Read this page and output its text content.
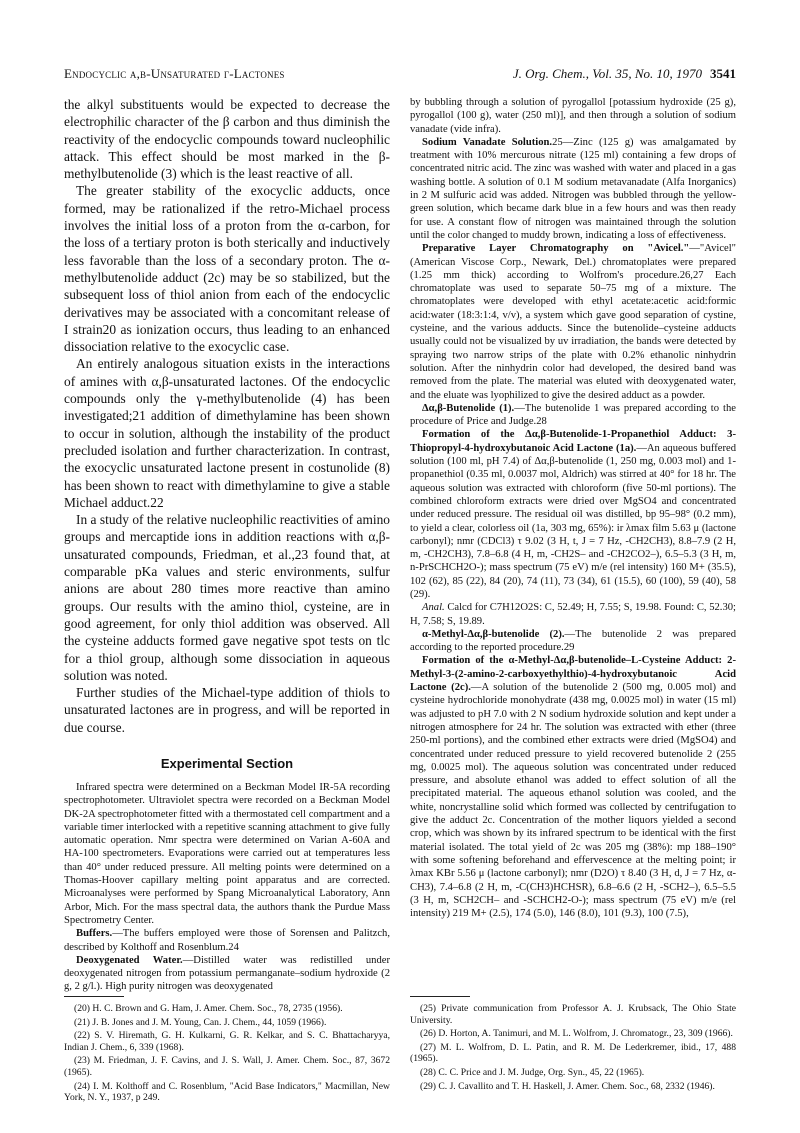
Endocyclic α,β-Unsaturated γ-Lactones	J. Org. Chem., Vol. 35, No. 10, 1970 3541

the alkyl substituents would be expected to decrease the electrophilic character of the β carbon and thus diminish the reactivity of the endocyclic compounds toward nucleophilic attack. This effect should be most marked in the β-methylbutenolide (3) which is the least reactive of all.

The greater stability of the exocyclic adducts, once formed, may be rationalized if the retro-Michael process involves the initial loss of a proton from the α-carbon, for the loss of a tertiary proton is both sterically and inductively less favorable than the loss of a secondary proton. The α-methylbutenolide adduct (2c) may be so stabilized, but the subsequent loss of thiol anion from each of the endocyclic derivatives may be associated with a concomitant release of I strain20 as ionization occurs, thus leading to an enhanced dissociation relative to the exocyclic case.

An entirely analogous situation exists in the interactions of amines with α,β-unsaturated lactones. Of the endocyclic compounds only the γ-methylbutenolide (4) has been investigated;21 addition of dimethylamine has been shown to occur in solution, although the instability of the product precluded isolation and further characterization. In contrast, the exocyclic unsaturated lactone present in costunolide (8) has been shown to react with dimethylamine to give a stable Michael adduct.22

In a study of the relative nucleophilic reactivities of amino groups and mercaptide ions in addition reactions with α,β-unsaturated compounds, Friedman, et al.,23 found that, at comparable pKa values and steric environments, sulfur anions are about 280 times more reactive than amino groups. Our results with the amino thiol, cysteine, are in good agreement, for only thiol addition was observed. All the cysteine adducts formed gave negative spot tests on tlc for a thiol group, although some dissociation in aqueous solution was noted.

Further studies of the Michael-type addition of thiols to unsaturated lactones are in progress, and will be reported in due course.

Experimental Section

Infrared spectra were determined on a Beckman Model IR-5A recording spectrophotometer. Ultraviolet spectra were recorded on a Beckman Model DK-2A spectrophotometer fitted with a thermostated cell compartment and a variable timer interlocked with a repetitive scanning attachment to give fully automatic operation. Nmr spectra were determined on Varian A-60A and HA-100 spectrometers. Evaporations were carried out at temperatures less than 40° under reduced pressure. All melting points were determined on a Thomas-Hoover capillary melting point apparatus and are corrected. Microanalyses were performed by Spang Microanalytical Laboratory, Ann Arbor, Mich. For the mass spectral data, the authors thank the Purdue Mass Spectrometry Center.

Buffers.—The buffers employed were those of Sorensen and Palitzch, described by Kolthoff and Rosenblum.24

Deoxygenated Water.—Distilled water was redistilled under deoxygenated nitrogen from potassium permanganate–sodium hydroxide (2 g, 2 g/l.). High purity nitrogen was deoxygenated

by bubbling through a solution of pyrogallol [potassium hydroxide (25 g), pyrogallol (100 g), water (250 ml)], and then through a solution of sodium vanadate (vide infra).

Sodium Vanadate Solution.25—Zinc (125 g) was amalgamated by treatment with 10% mercurous nitrate (125 ml) containing a few drops of concentrated nitric acid. The zinc was washed with water and placed in a gas washing bottle. A solution of 0.1 M sodium metavanadate (Alfa Inorganics) in 2 M sulfuric acid was added. Nitrogen was bubbled through the yellow-green solution, which became dark blue in a few hours and was then ready for use. A constant flow of nitrogen was maintained through the solution until the color changed to muddy brown, indicating a loss of effectiveness.

Preparative Layer Chromatography on "Avicel."—"Avicel" (American Viscose Corp., Newark, Del.) chromatoplates were prepared (1.25 mm thick) according to Wolfrom's procedure.26,27 Each chromatoplate was used to separate 50–75 mg of a mixture. The chromatoplates were developed with ethyl acetate:acetic acid:formic acid:water (18:3:1:4, v/v), a system which gave good separation of cystine, cysteine, and the various adducts. Since the butenolide–cysteine adducts usually could not be visualized by uv irradiation, the bands were detected by spraying two narrow strips of the plate with 0.2% ethanolic ninhydrin solution. After the ninhydrin color had developed, the desired band was removed from the plate. The material was eluted with deoxygenated water, and the eluate was lyophilized to give the desired adduct as a powder.

Δα,β-Butenolide (1).—The butenolide 1 was prepared according to the procedure of Price and Judge.28

Formation of the Δα,β-Butenolide-1-Propanethiol Adduct: 3-Thiopropyl-4-hydroxybutanoic Acid Lactone (1a).—An aqueous buffered solution (100 ml, pH 7.4) of Δα,β-butenolide (1, 250 mg, 0.003 mol) and 1-propanethiol (0.35 ml, 0.0037 mol, Aldrich) was stirred at 40° for 18 hr. The aqueous solution was extracted with chloroform (five 50-ml portions). The combined chloroform extracts were dried over MgSO4 and concentrated under reduced pressure. The residual oil was distilled, bp 95–98° (0.2 mm), to yield a clear, colorless oil (1a, 303 mg, 65%): ir λmax film 5.63 μ (lactone carbonyl); nmr (CDCl3) τ 9.02 (3 H, t, J = 7 Hz, -CH2CH3), 8.8–7.9 (2 H, m, -CH2CH3), 7.8–6.8 (4 H, m, -CH2S– and -CH2CO2–), 6.5–5.3 (3 H, m, n-PrSCHCH2O-); mass spectrum (75 eV) m/e (rel intensity) 160 M+ (35.5), 102 (62), 85 (22), 84 (20), 74 (11), 73 (34), 61 (15.5), 60 (100), 59 (40), 58 (29).

Anal. Calcd for C7H12O2S: C, 52.49; H, 7.55; S, 19.98. Found: C, 52.30; H, 7.58; S, 19.89.

α-Methyl-Δα,β-butenolide (2).—The butenolide 2 was prepared according to the reported procedure.29

Formation of the α-Methyl-Δα,β-butenolide–L-Cysteine Adduct: 2-Methyl-3-(2-amino-2-carboxyethylthio)-4-hydroxybutanoic Acid Lactone (2c).—A solution of the butenolide 2 (500 mg, 0.005 mol) and cysteine hydrochloride monohydrate (438 mg, 0.0025 mol) in water (15 ml) was adjusted to pH 7.0 with 2 N sodium hydroxide solution and kept under a nitrogen atmosphere for 24 hr. The solution was extracted with ether (three 250-ml portions), and the combined ether extracts were dried (MgSO4) and concentrated under reduced pressure to yield recovered butenolide 2 (255 mg, 0.0025 mol). The aqueous solution was concentrated under reduced pressure, and absolute ethanol was added to effect solution of all the precipitated material. The aqueous ethanol solution was cooled, and the white, noncrystalline solid which formed was collected by centrifugation to give the adduct 2c. Concentration of the mother liquors yielded a second crop, which was shown by its infrared spectrum to be identical with the first material isolated. The total yield of 2c was 205 mg (38%): mp 188–190° with some softening beforehand and effervescence at the melting point; ir λmax KBr 5.56 μ (lactone carbonyl); nmr (D2O) τ 8.40 (3 H, d, J = 7 Hz, α-CH3), 7.4–6.8 (2 H, m, -C(CH3)HCHSR), 6.8–6.6 (2 H, -SCH2–), 6.5–5.5 (3 H, m, SCH2CH– and -SCHCH2-O-); mass spectrum (75 eV) m/e (rel intensity) 219 M+ (2.5), 174 (5.0), 146 (8.0), 101 (9.3), 100 (7.5),

(20) H. C. Brown and G. Ham, J. Amer. Chem. Soc., 78, 2735 (1956).

(21) J. B. Jones and J. M. Young, Can. J. Chem., 44, 1059 (1966).

(22) S. V. Hiremath, G. H. Kulkarni, G. R. Kelkar, and S. C. Bhattacharyya, Indian J. Chem., 6, 339 (1968).

(23) M. Friedman, J. F. Cavins, and J. S. Wall, J. Amer. Chem. Soc., 87, 3672 (1965).

(24) I. M. Kolthoff and C. Rosenblum, "Acid Base Indicators," Macmillan, New York, N. Y., 1937, p 249.

(25) Private communication from Professor A. J. Krubsack, The Ohio State University.

(26) D. Horton, A. Tanimuri, and M. L. Wolfrom, J. Chromatogr., 23, 309 (1966).

(27) M. L. Wolfrom, D. L. Patin, and R. M. De Lederkremer, ibid., 17, 488 (1965).

(28) C. C. Price and J. M. Judge, Org. Syn., 45, 22 (1965).

(29) C. J. Cavallito and T. H. Haskell, J. Amer. Chem. Soc., 68, 2332 (1946).
